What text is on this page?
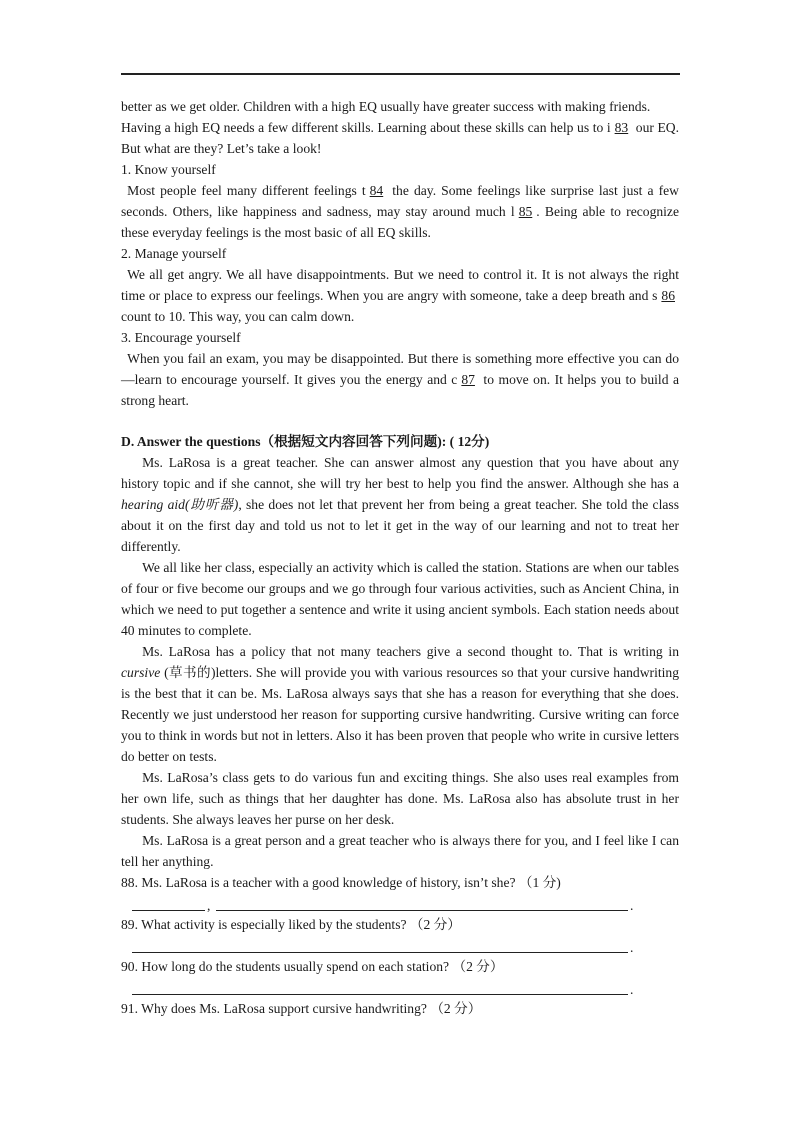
better as we get older. Children with a high EQ usually have greater success with making friends.

Having a high EQ needs a few different skills. Learning about these skills can help us to i 83 our EQ. But what are they? Let’s take a look!

1. Know yourself

Most people feel many different feelings t 84 the day. Some feelings like surprise last just a few seconds. Others, like happiness and sadness, may stay around much l 85 . Being able to recognize these everyday feelings is the most basic of all EQ skills.

2. Manage yourself

We all get angry. We all have disappointments. But we need to control it. It is not always the right time or place to express our feelings. When you are angry with someone, take a deep breath and s 86 count to 10. This way, you can calm down.

3. Encourage yourself

When you fail an exam, you may be disappointed. But there is something more effective you can do—learn to encourage yourself. It gives you the energy and c 87 to move on. It helps you to build a strong heart.

D. Answer the questions（根据短文内容回答下列问题): ( 12分)

Ms. LaRosa is a great teacher. She can answer almost any question that you have about any history topic and if she cannot, she will try her best to help you find the answer. Although she has a hearing aid(助听器), she does not let that prevent her from being a great teacher. She told the class about it on the first day and told us not to let it get in the way of our learning and not to treat her differently.

We all like her class, especially an activity which is called the station. Stations are when our tables of four or five become our groups and we go through four various activities, such as Ancient China, in which we need to put together a sentence and write it using ancient symbols. Each station needs about 40 minutes to complete.

Ms. LaRosa has a policy that not many teachers give a second thought to. That is writing in cursive (草书的)letters. She will provide you with various resources so that your cursive handwriting is the best that it can be. Ms. LaRosa always says that she has a reason for everything that she does. Recently we just understood her reason for supporting cursive handwriting. Cursive writing can force you to think in words but not in letters. Also it has been proven that people who write in cursive letters do better on tests.

Ms. LaRosa’s class gets to do various fun and exciting things. She also uses real examples from her own life, such as things that her daughter has done. Ms. LaRosa also has absolute trust in her students. She always leaves her purse on her desk.

Ms. LaRosa is a great person and a great teacher who is always there for you, and I feel like I can tell her anything.

88. Ms. LaRosa is a teacher with a good knowledge of history, isn’t she? （1 分)

,	.

89. What activity is especially liked by the students? （2 分）

.

90. How long do the students usually spend on each station? （2 分）

.

91. Why does Ms. LaRosa support cursive handwriting? （2 分）
